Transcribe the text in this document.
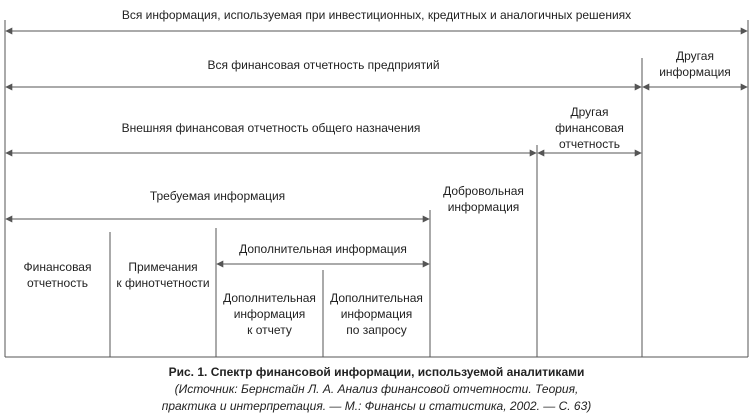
Вся информация, используемая при инвестиционных, кредитных и аналогичных решениях
Вся финансовая отчетность предприятий
Другая
информация
Внешняя финансовая отчетность общего назначения
Другая
финансовая
отчетность
Требуемая информация	Добровольная
информация
Финансовая
отчетность
Примечания
к финотчетности
Дополнительная информация
Дополнительная
информация
к отчету
Дополнительная
информация
по запросу
Рис. 1. Спектр финансовой информации, используемой аналитиками
(Источник: Бернстайн Л. А. Анализ финансовой отчетности. Теория,
практика и интерпретация. — М.: Финансы и статистика, 2002. — С. 63)
